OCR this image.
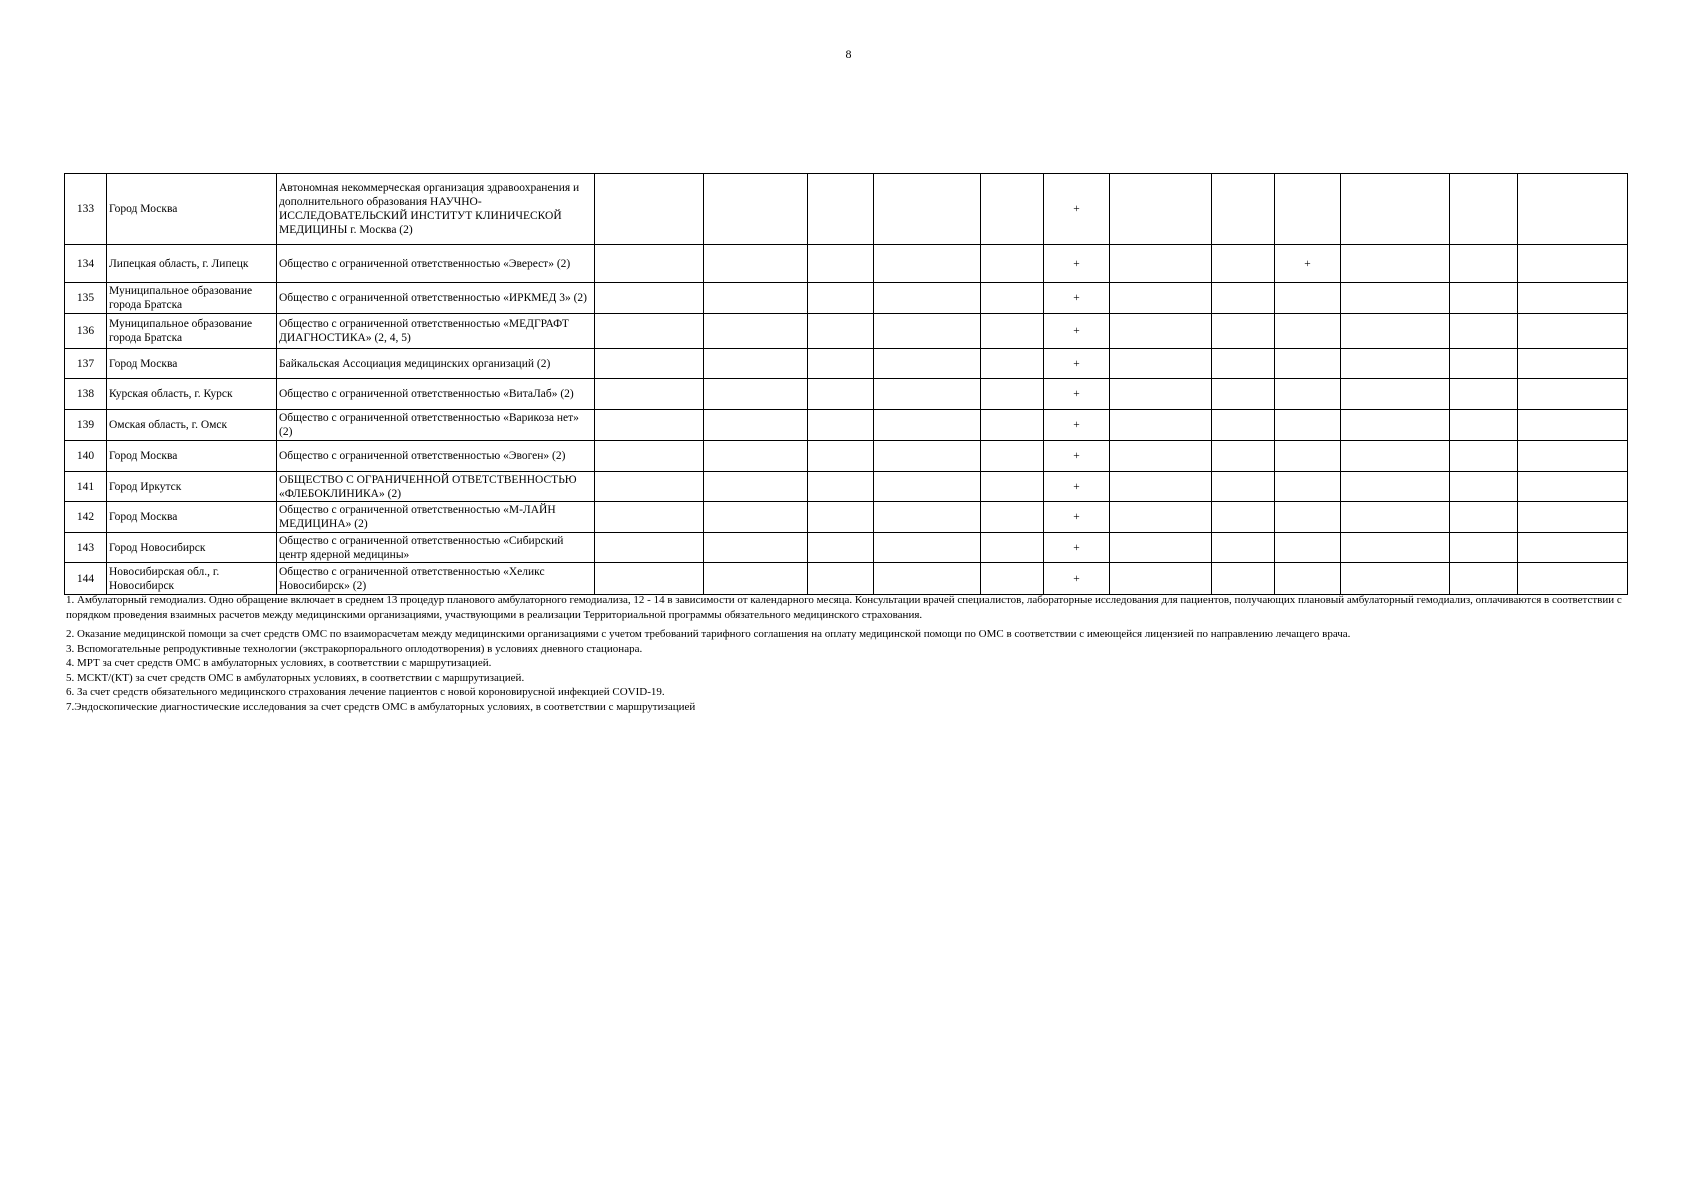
8
133	Город Москва	Автономная некоммерческая организация здравоохранения и дополнительного образования НАУЧНО-ИССЛЕДОВАТЕЛЬСКИЙ ИНСТИТУТ КЛИНИЧЕСКОЙ МЕДИЦИНЫ г. Москва (2)						+						
134	Липецкая область, г. Липецк	Общество с ограниченной ответственностью «Эверест» (2)						+			+			
135	Муниципальное образование города Братска	Общество с ограниченной ответственностью «ИРКМЕД 3» (2)						+						
136	Муниципальное образование города Братска	Общество с ограниченной ответственностью «МЕДГРАФТ ДИАГНОСТИКА» (2, 4, 5)						+						
137	Город Москва	Байкальская Ассоциация медицинских организаций (2)						+						
138	Курская область, г. Курск	Общество с ограниченной ответственностью «ВитаЛаб» (2)						+						
139	Омская область, г. Омск	Общество с ограниченной ответственностью «Варикоза нет» (2)						+						
140	Город Москва	Общество с ограниченной ответственностью «Эвоген» (2)						+						
141	Город Иркутск	ОБЩЕСТВО С ОГРАНИЧЕННОЙ ОТВЕТСТВЕННОСТЬЮ «ФЛЕБОКЛИНИКА» (2)						+						
142	Город Москва	Общество с ограниченной ответственностью «М-ЛАЙН МЕДИЦИНА» (2)						+						
143	Город Новосибирск	Общество с ограниченной ответственностью «Сибирский центр ядерной медицины»						+						
144	Новосибирская обл., г. Новосибирск	Общество с ограниченной ответственностью «Хеликс Новосибирск» (2)						+						

1. Амбулаторный гемодиализ. Одно обращение включает в среднем 13 процедур планового амбулаторного гемодиализа, 12 - 14 в зависимости от календарного месяца. Консультации врачей специалистов, лабораторные исследования для пациентов, получающих плановый амбулаторный гемодиализ, оплачиваются в соответствии с порядком проведения взаимных расчетов между медицинскими организациями, участвующими в реализации Территориальной программы обязательного медицинского страхования.

2. Оказание медицинской помощи за счет средств ОМС по взаиморасчетам между медицинскими организациями с учетом требований тарифного соглашения на оплату медицинской помощи по ОМС в соответствии с имеющейся лицензией по направлению лечащего врача.

3. Вспомогательные репродуктивные технологии (экстракорпорального оплодотворения) в условиях дневного стационара.

4. МРТ за счет средств ОМС в амбулаторных условиях, в соответствии с маршрутизацией.

5. МСКТ/(КТ) за счет средств ОМС в амбулаторных условиях, в соответствии с маршрутизацией.

6. За счет средств обязательного медицинского страхования лечение пациентов с новой короновирусной инфекцией COVID-19.

7.Эндоскопические диагностические исследования за счет средств ОМС в амбулаторных условиях, в соответствии с маршрутизацией
